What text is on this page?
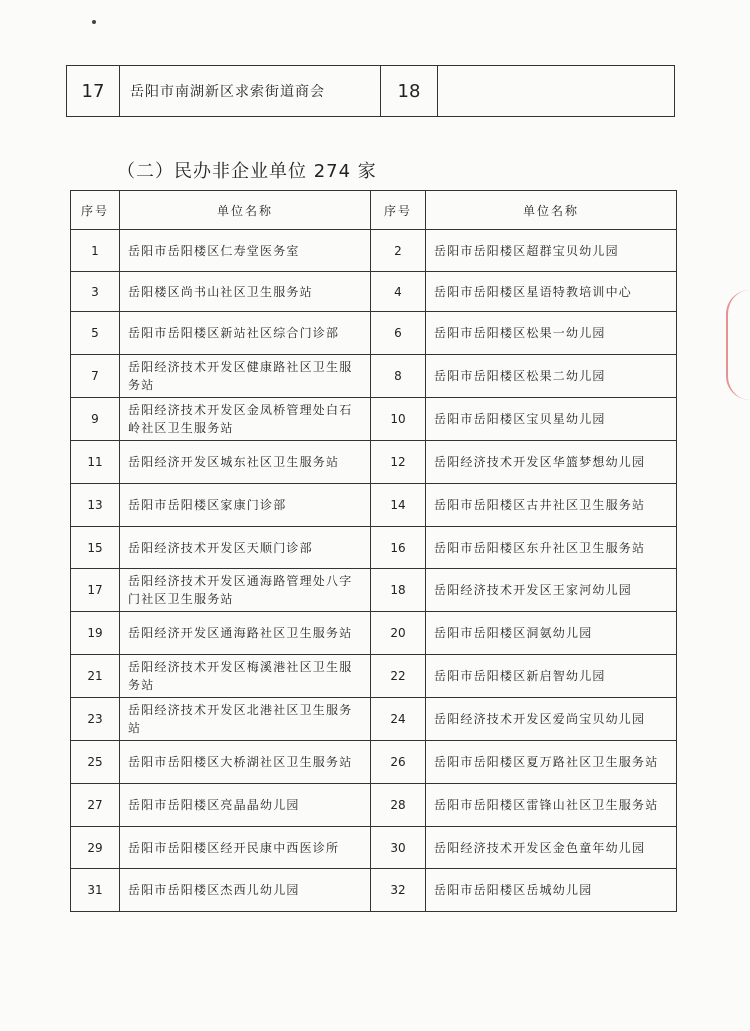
17	岳阳市南湖新区求索街道商会	18	
（二）民办非企业单位 274 家
序号	单位名称	序号	单位名称
1	岳阳市岳阳楼区仁寿堂医务室	2	岳阳市岳阳楼区超群宝贝幼儿园
3	岳阳楼区尚书山社区卫生服务站	4	岳阳市岳阳楼区星语特教培训中心
5	岳阳市岳阳楼区新站社区综合门诊部	6	岳阳市岳阳楼区松果一幼儿园
7	岳阳经济技术开发区健康路社区卫生服务站	8	岳阳市岳阳楼区松果二幼儿园
9	岳阳经济技术开发区金凤桥管理处白石岭社区卫生服务站	10	岳阳市岳阳楼区宝贝星幼儿园
11	岳阳经济开发区城东社区卫生服务站	12	岳阳经济技术开发区华篮梦想幼儿园
13	岳阳市岳阳楼区家康门诊部	14	岳阳市岳阳楼区古井社区卫生服务站
15	岳阳经济技术开发区天顺门诊部	16	岳阳市岳阳楼区东升社区卫生服务站
17	岳阳经济技术开发区通海路管理处八字门社区卫生服务站	18	岳阳经济技术开发区王家河幼儿园
19	岳阳经济开发区通海路社区卫生服务站	20	岳阳市岳阳楼区洞氨幼儿园
21	岳阳经济技术开发区梅溪港社区卫生服务站	22	岳阳市岳阳楼区新启智幼儿园
23	岳阳经济技术开发区北港社区卫生服务站	24	岳阳经济技术开发区爱尚宝贝幼儿园
25	岳阳市岳阳楼区大桥湖社区卫生服务站	26	岳阳市岳阳楼区夏万路社区卫生服务站
27	岳阳市岳阳楼区亮晶晶幼儿园	28	岳阳市岳阳楼区雷锋山社区卫生服务站
29	岳阳市岳阳楼区经开民康中西医诊所	30	岳阳经济技术开发区金色童年幼儿园
31	岳阳市岳阳楼区杰西儿幼儿园	32	岳阳市岳阳楼区岳城幼儿园
